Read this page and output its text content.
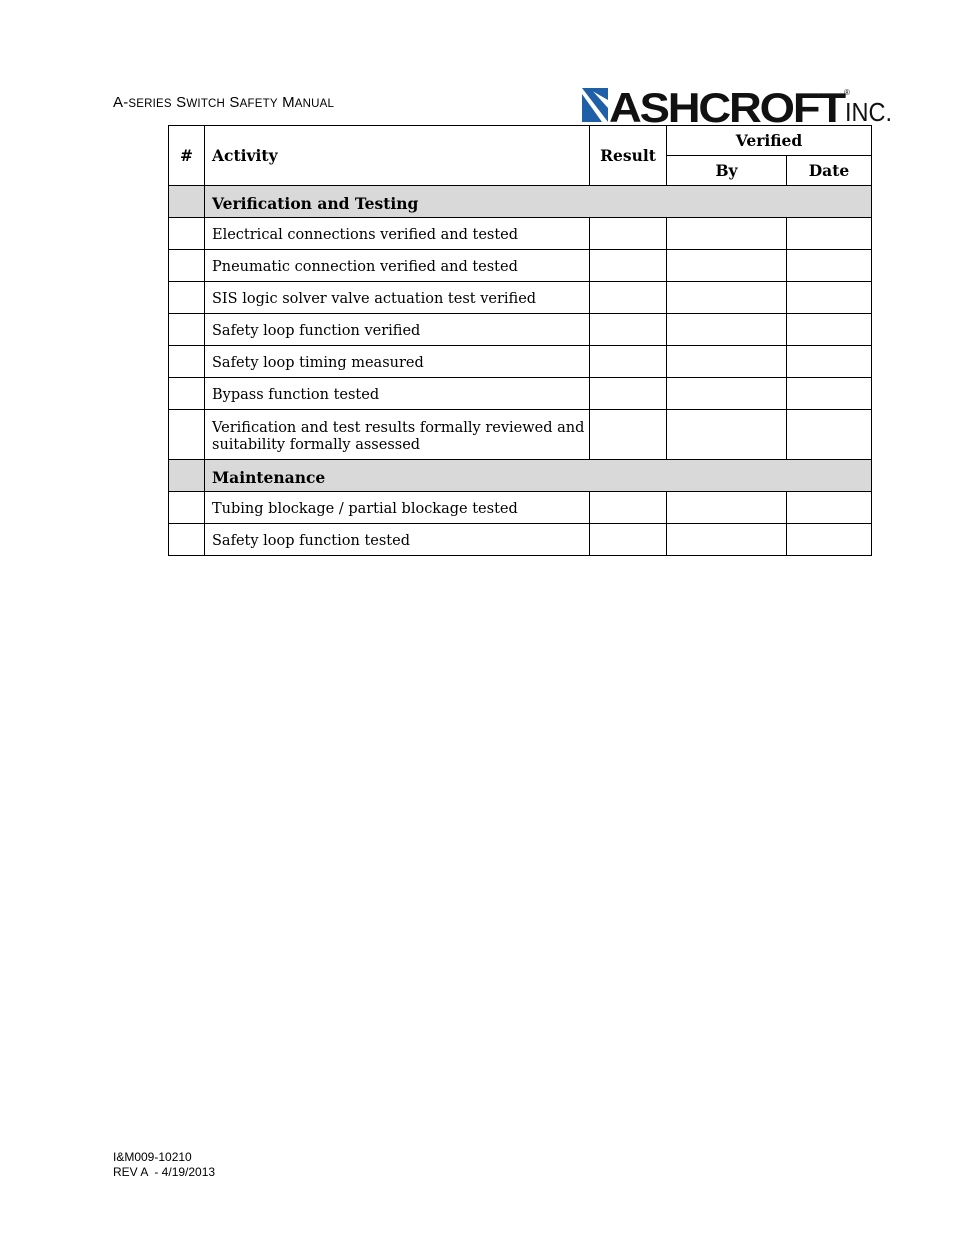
A-SERIES SWITCH SAFETY MANUAL	ASHCROFT
INC.
®
#	Activity	Result	Verified	
			By	Date
	Verification and Testing			
	Electrical connections verified and tested			
	Pneumatic connection verified and tested			
	SIS logic solver valve actuation test verified			
	Safety loop function verified			
	Safety loop timing measured			
	Bypass function tested			
	Verification and test results formally reviewed and suitability formally assessed			
	Maintenance			
	Tubing blockage / partial blockage tested			
	Safety loop function tested			
I&M009-10210
REV A  - 4/19/2013
